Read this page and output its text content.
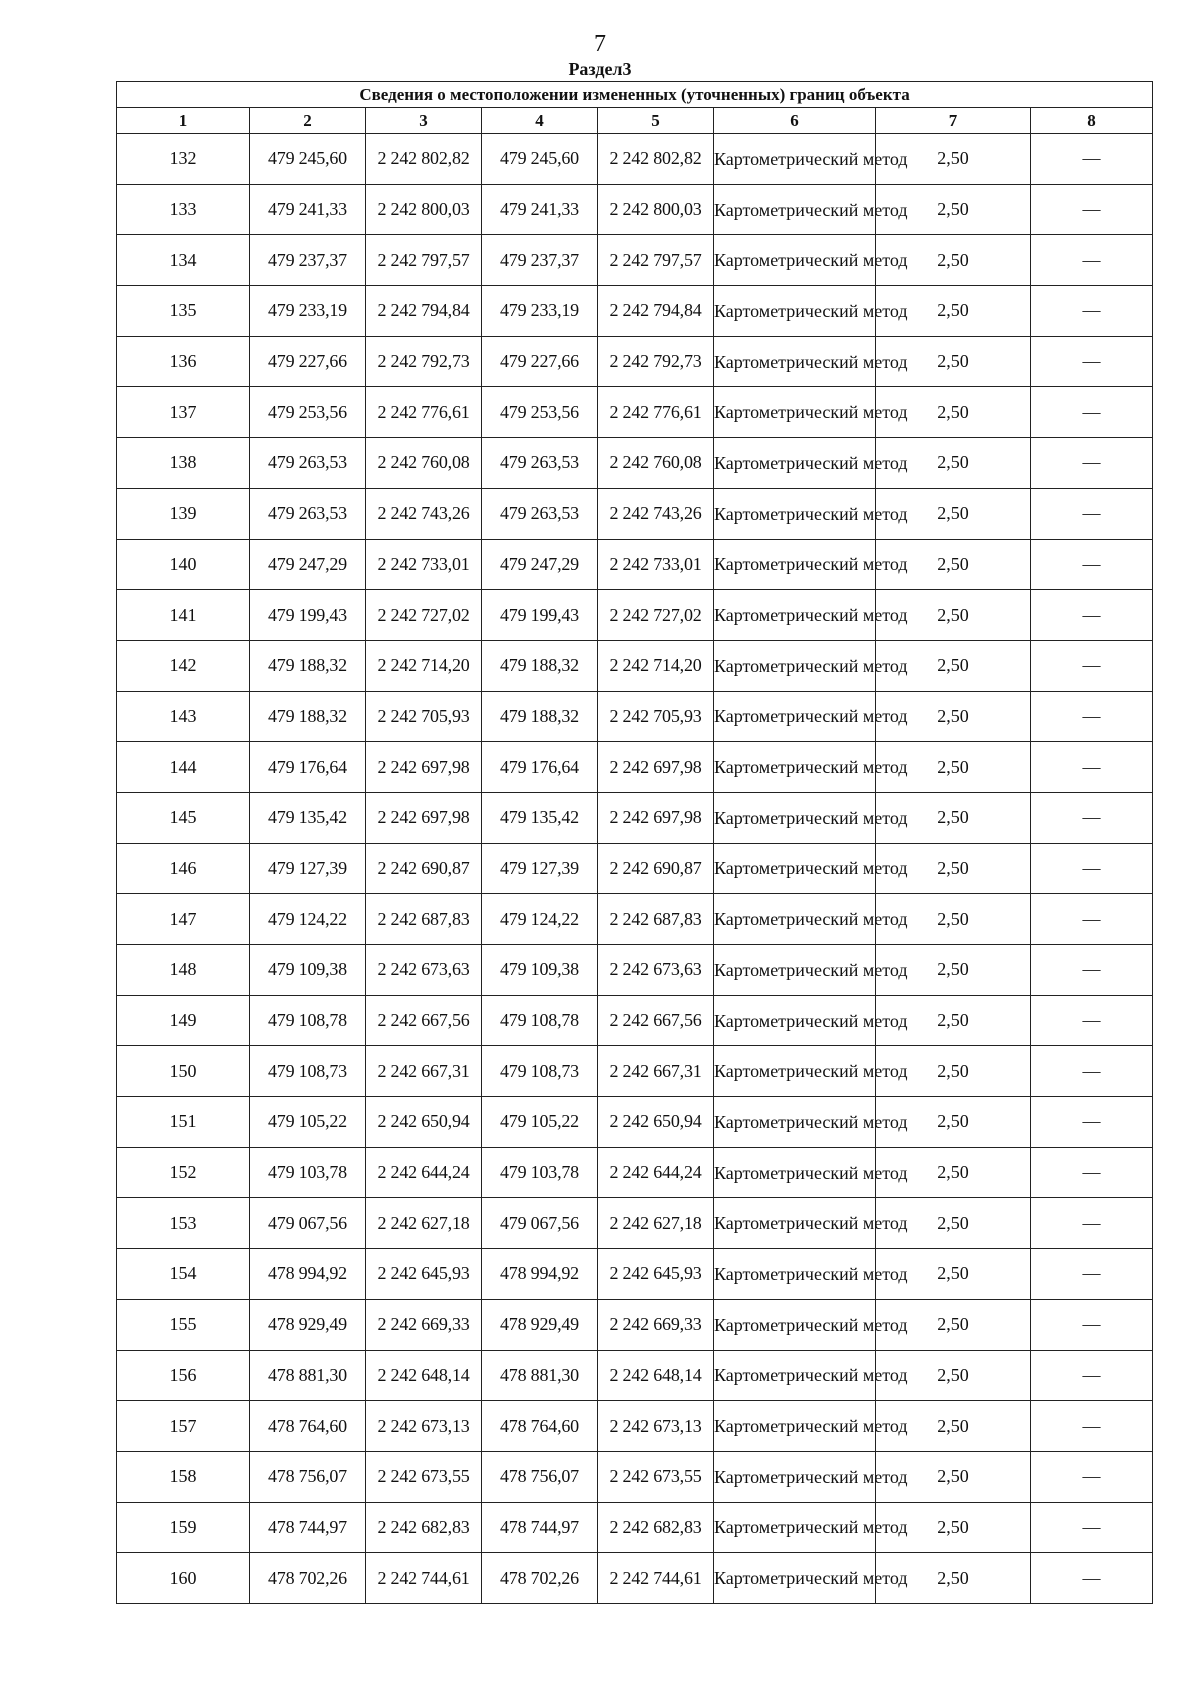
7
Раздел3
Сведения о местоположении измененных (уточненных) границ объекта							
1	2	3	4	5	6	7	8
132	479 245,60	2 242 802,82	479 245,60	2 242 802,82	Картометрический метод	2,50	—
133	479 241,33	2 242 800,03	479 241,33	2 242 800,03	Картометрический метод	2,50	—
134	479 237,37	2 242 797,57	479 237,37	2 242 797,57	Картометрический метод	2,50	—
135	479 233,19	2 242 794,84	479 233,19	2 242 794,84	Картометрический метод	2,50	—
136	479 227,66	2 242 792,73	479 227,66	2 242 792,73	Картометрический метод	2,50	—
137	479 253,56	2 242 776,61	479 253,56	2 242 776,61	Картометрический метод	2,50	—
138	479 263,53	2 242 760,08	479 263,53	2 242 760,08	Картометрический метод	2,50	—
139	479 263,53	2 242 743,26	479 263,53	2 242 743,26	Картометрический метод	2,50	—
140	479 247,29	2 242 733,01	479 247,29	2 242 733,01	Картометрический метод	2,50	—
141	479 199,43	2 242 727,02	479 199,43	2 242 727,02	Картометрический метод	2,50	—
142	479 188,32	2 242 714,20	479 188,32	2 242 714,20	Картометрический метод	2,50	—
143	479 188,32	2 242 705,93	479 188,32	2 242 705,93	Картометрический метод	2,50	—
144	479 176,64	2 242 697,98	479 176,64	2 242 697,98	Картометрический метод	2,50	—
145	479 135,42	2 242 697,98	479 135,42	2 242 697,98	Картометрический метод	2,50	—
146	479 127,39	2 242 690,87	479 127,39	2 242 690,87	Картометрический метод	2,50	—
147	479 124,22	2 242 687,83	479 124,22	2 242 687,83	Картометрический метод	2,50	—
148	479 109,38	2 242 673,63	479 109,38	2 242 673,63	Картометрический метод	2,50	—
149	479 108,78	2 242 667,56	479 108,78	2 242 667,56	Картометрический метод	2,50	—
150	479 108,73	2 242 667,31	479 108,73	2 242 667,31	Картометрический метод	2,50	—
151	479 105,22	2 242 650,94	479 105,22	2 242 650,94	Картометрический метод	2,50	—
152	479 103,78	2 242 644,24	479 103,78	2 242 644,24	Картометрический метод	2,50	—
153	479 067,56	2 242 627,18	479 067,56	2 242 627,18	Картометрический метод	2,50	—
154	478 994,92	2 242 645,93	478 994,92	2 242 645,93	Картометрический метод	2,50	—
155	478 929,49	2 242 669,33	478 929,49	2 242 669,33	Картометрический метод	2,50	—
156	478 881,30	2 242 648,14	478 881,30	2 242 648,14	Картометрический метод	2,50	—
157	478 764,60	2 242 673,13	478 764,60	2 242 673,13	Картометрический метод	2,50	—
158	478 756,07	2 242 673,55	478 756,07	2 242 673,55	Картометрический метод	2,50	—
159	478 744,97	2 242 682,83	478 744,97	2 242 682,83	Картометрический метод	2,50	—
160	478 702,26	2 242 744,61	478 702,26	2 242 744,61	Картометрический метод	2,50	—
